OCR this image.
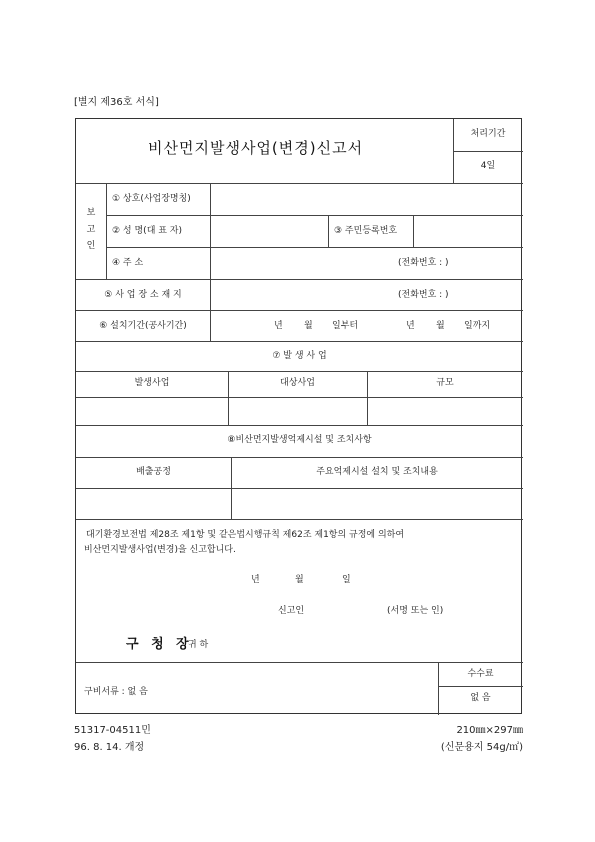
[별지 제36호 서식]
비산먼지발생사업(변경)신고서
처리기간
4일
보
고
인
① 상호(사업장명칭)
② 성 명(대 표 자)	③ 주민등록번호
④ 주 소	(전화번호 : )
⑤ 사 업 장 소 재 지	(전화번호 : )
⑥ 설치기간(공사기간)	년 월 일부터	년 월 일까지
⑦ 발 생 사 업
발생사업	대상사업	규모
⑧비산먼지발생억제시설 및 조치사항
배출공정	주요억제시설 설치 및 조치내용
대기환경보전법 제28조 제1항 및 같은법시행규칙 제62조 제1항의 규정에 의하여
비산먼지발생사업(변경)을 신고합니다.
년	월	일
신고인	(서명 또는 인)
구 청 장
귀 하
구비서류 : 없 음
수수료
없 음
51317-04511민	210㎜×297㎜
96. 8. 14. 개정	(신문용지 54g/㎡)
